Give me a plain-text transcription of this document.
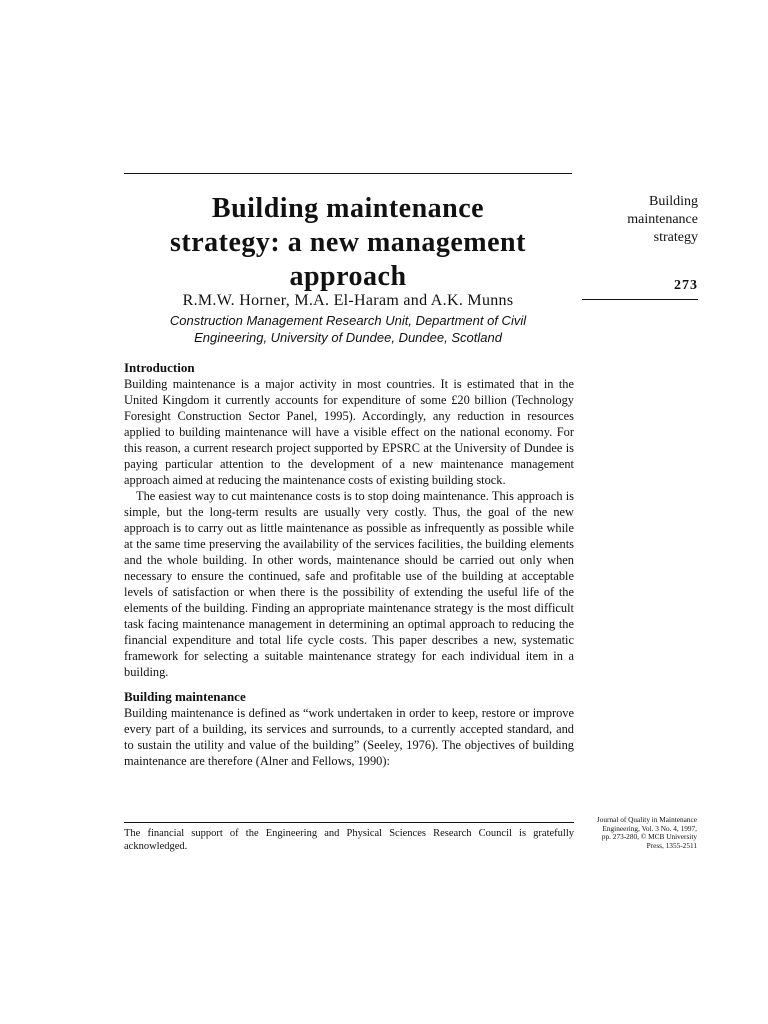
Building maintenance
strategy: a new management
approach
R.M.W. Horner, M.A. El-Haram and A.K. Munns
Construction Management Research Unit, Department of Civil
Engineering, University of Dundee, Dundee, Scotland
Building
maintenance
strategy
273
Introduction

Building maintenance is a major activity in most countries. It is estimated that in the United Kingdom it currently accounts for expenditure of some £20 billion (Technology Foresight Construction Sector Panel, 1995). Accordingly, any reduction in resources applied to building maintenance will have a visible effect on the national economy. For this reason, a current research project supported by EPSRC at the University of Dundee is paying particular attention to the development of a new maintenance management approach aimed at reducing the maintenance costs of existing building stock.

The easiest way to cut maintenance costs is to stop doing maintenance. This approach is simple, but the long-term results are usually very costly. Thus, the goal of the new approach is to carry out as little maintenance as possible as infrequently as possible while at the same time preserving the availability of the services facilities, the building elements and the whole building. In other words, maintenance should be carried out only when necessary to ensure the continued, safe and profitable use of the building at acceptable levels of satisfaction or when there is the possibility of extending the useful life of the elements of the building. Finding an appropriate maintenance strategy is the most difficult task facing maintenance management in determining an optimal approach to reducing the financial expenditure and total life cycle costs. This paper describes a new, systematic framework for selecting a suitable maintenance strategy for each individual item in a building.

Building maintenance

Building maintenance is defined as “work undertaken in order to keep, restore or improve every part of a building, its services and surrounds, to a currently accepted standard, and to sustain the utility and value of the building” (Seeley, 1976). The objectives of building maintenance are therefore (Alner and Fellows, 1990):

The financial support of the Engineering and Physical Sciences Research Council is gratefully acknowledged.
Journal of Quality in Maintenance
Engineering, Vol. 3 No. 4, 1997,
pp. 273-280, © MCB University
Press, 1355-2511
